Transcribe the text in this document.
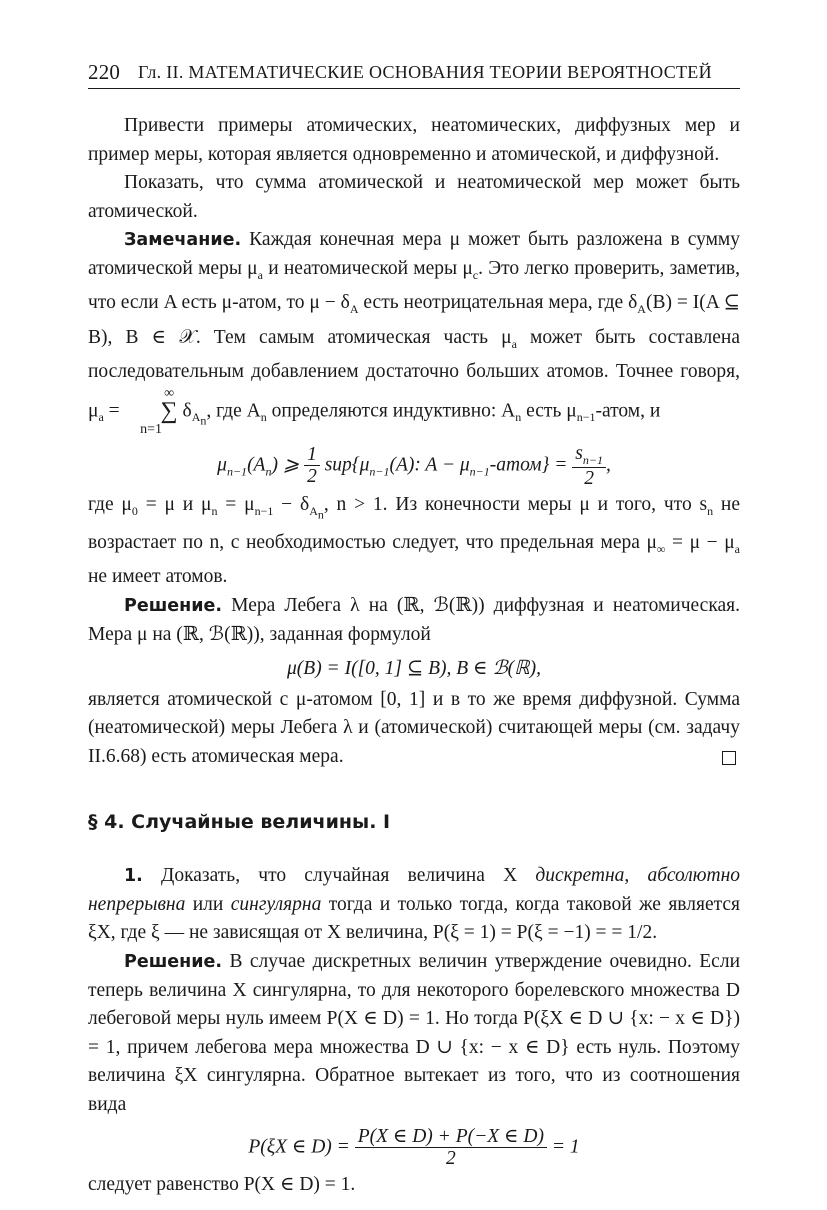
220 Гл. II. МАТЕМАТИЧЕСКИЕ ОСНОВАНИЯ ТЕОРИИ ВЕРОЯТНОСТЕЙ

Привести примеры атомических, неатомических, диффузных мер и пример меры, которая является одновременно и атомической, и диффузной.

Показать, что сумма атомической и неатомической мер может быть атомической.

Замечание. Каждая конечная мера μ может быть разложена в сумму атомической меры $\mu_a$ и неатомической меры $\mu_c$. Это легко проверить, заметив, что если A есть μ-атом, то $\mu - \delta_A$ есть неотрицательная мера, где $\delta_A(B) = I(A$ ⊆ B), B ∈ 𝒳. Тем самым атомическая часть $\mu_a$ может быть составлена последовательным добавлением достаточно больших атомов. Точнее говоря, $\mu_a$ = ∞
∑
n=1 $\delta_{A_n}$, где $A_n$ определяются индуктивно: $A_n$ есть $\mu_{n-1}$-атом, и

$\mu_{n-1}(A_n)$ ⩾ $\frac{1}{2} sup\{\mu_{n-1}(A)$: $A - \mu_{n-1}-атом\} = \frac{s_{n-1}}{2}$ ,

где $\mu_0 = \mu$ и $\mu_n = \mu_{n-1} - \delta_{A_n}$, n > 1. Из конечности меры μ и того, что $s_n$ не возрастает по n, с необходимостью следует, что предельная мера $\mu_\infty = \mu - \mu_a$ не имеет атомов.

Решение. Мера Лебега λ на (ℝ, ℬ(ℝ)) диффузная и неатомическая. Мера μ на (ℝ, ℬ(ℝ)), заданная формулой

μ(B) = I([0, 1] ⊆ B), B ∈ ℬ(ℝ),

является атомической с μ-атомом [0, 1] и в то же время диффузной. Сумма (неатомической) меры Лебега λ и (атомической) считающей меры (см. задачу II.6.68) есть атомическая мера.

§ 4. Случайные величины. I

1. Доказать, что случайная величина X дискретна, абсолютно непрерывна или сингулярна тогда и только тогда, когда таковой же является ξX, где ξ — не зависящая от X величина, P(ξ = 1) = P(ξ = −1) = = 1/2.

Решение. В случае дискретных величин утверждение очевидно. Если теперь величина X сингулярна, то для некоторого борелевского множества D лебеговой меры нуль имеем P(X ∈ D) = 1. Но тогда P(ξX ∈ D ∪ {x: − x ∈ D}) = 1, причем лебегова мера множества D ∪ {x: − x ∈ D} есть нуль. Поэтому величина ξX сингулярна. Обратное вытекает из того, что из соотношения вида

P(ξX ∈ $D) = \frac{P(X \in D) + P(-X \in D)}{2} = 1$

следует равенство P(X ∈ D) = 1.
